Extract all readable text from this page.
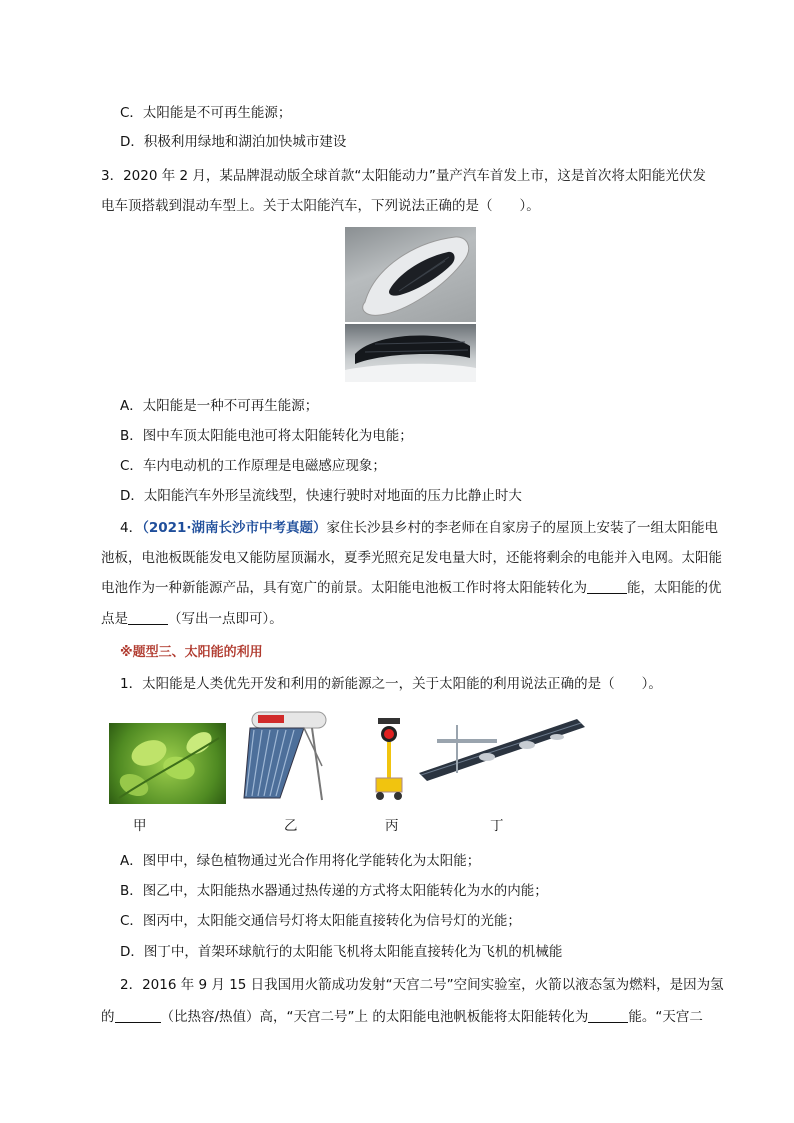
C．太阳能是不可再生能源；
D．积极利用绿地和湖泊加快城市建设
3．2020 年 2 月，某品牌混动版全球首款“太阳能动力”量产汽车首发上市，这是首次将太阳能光伏发
电车顶搭载到混动车型上。关于太阳能汽车，下列说法正确的是（　　）。
A．太阳能是一种不可再生能源；
B．图中车顶太阳能电池可将太阳能转化为电能；
C．车内电动机的工作原理是电磁感应现象；
D．太阳能汽车外形呈流线型，快速行驶时对地面的压力比静止时大
4．（2021·湖南长沙市中考真题）家住长沙县乡村的李老师在自家房子的屋顶上安装了一组太阳能电
池板，电池板既能发电又能防屋顶漏水，夏季光照充足发电量大时，还能将剩余的电能并入电网。太阳能
电池作为一种新能源产品，具有宽广的前景。太阳能电池板工作时将太阳能转化为	能，太阳能的优
点是	（写出一点即可）。
※题型三、太阳能的利用
1．太阳能是人类优先开发和利用的新能源之一，关于太阳能的利用说法正确的是（　　）。
甲	乙	丙	丁
A．图甲中，绿色植物通过光合作用将化学能转化为太阳能；
B．图乙中，太阳能热水器通过热传递的方式将太阳能转化为水的内能；
C．图丙中，太阳能交通信号灯将太阳能直接转化为信号灯的光能；
D．图丁中，首架环球航行的太阳能飞机将太阳能直接转化为飞机的机械能
2．2016 年 9 月 15 日我国用火箭成功发射“天宫二号”空间实验室，火箭以液态氢为燃料，是因为氢
的	（比热容/热值）高，“天宫二号”上 的太阳能电池帆板能将太阳能转化为	能。“天宫二
